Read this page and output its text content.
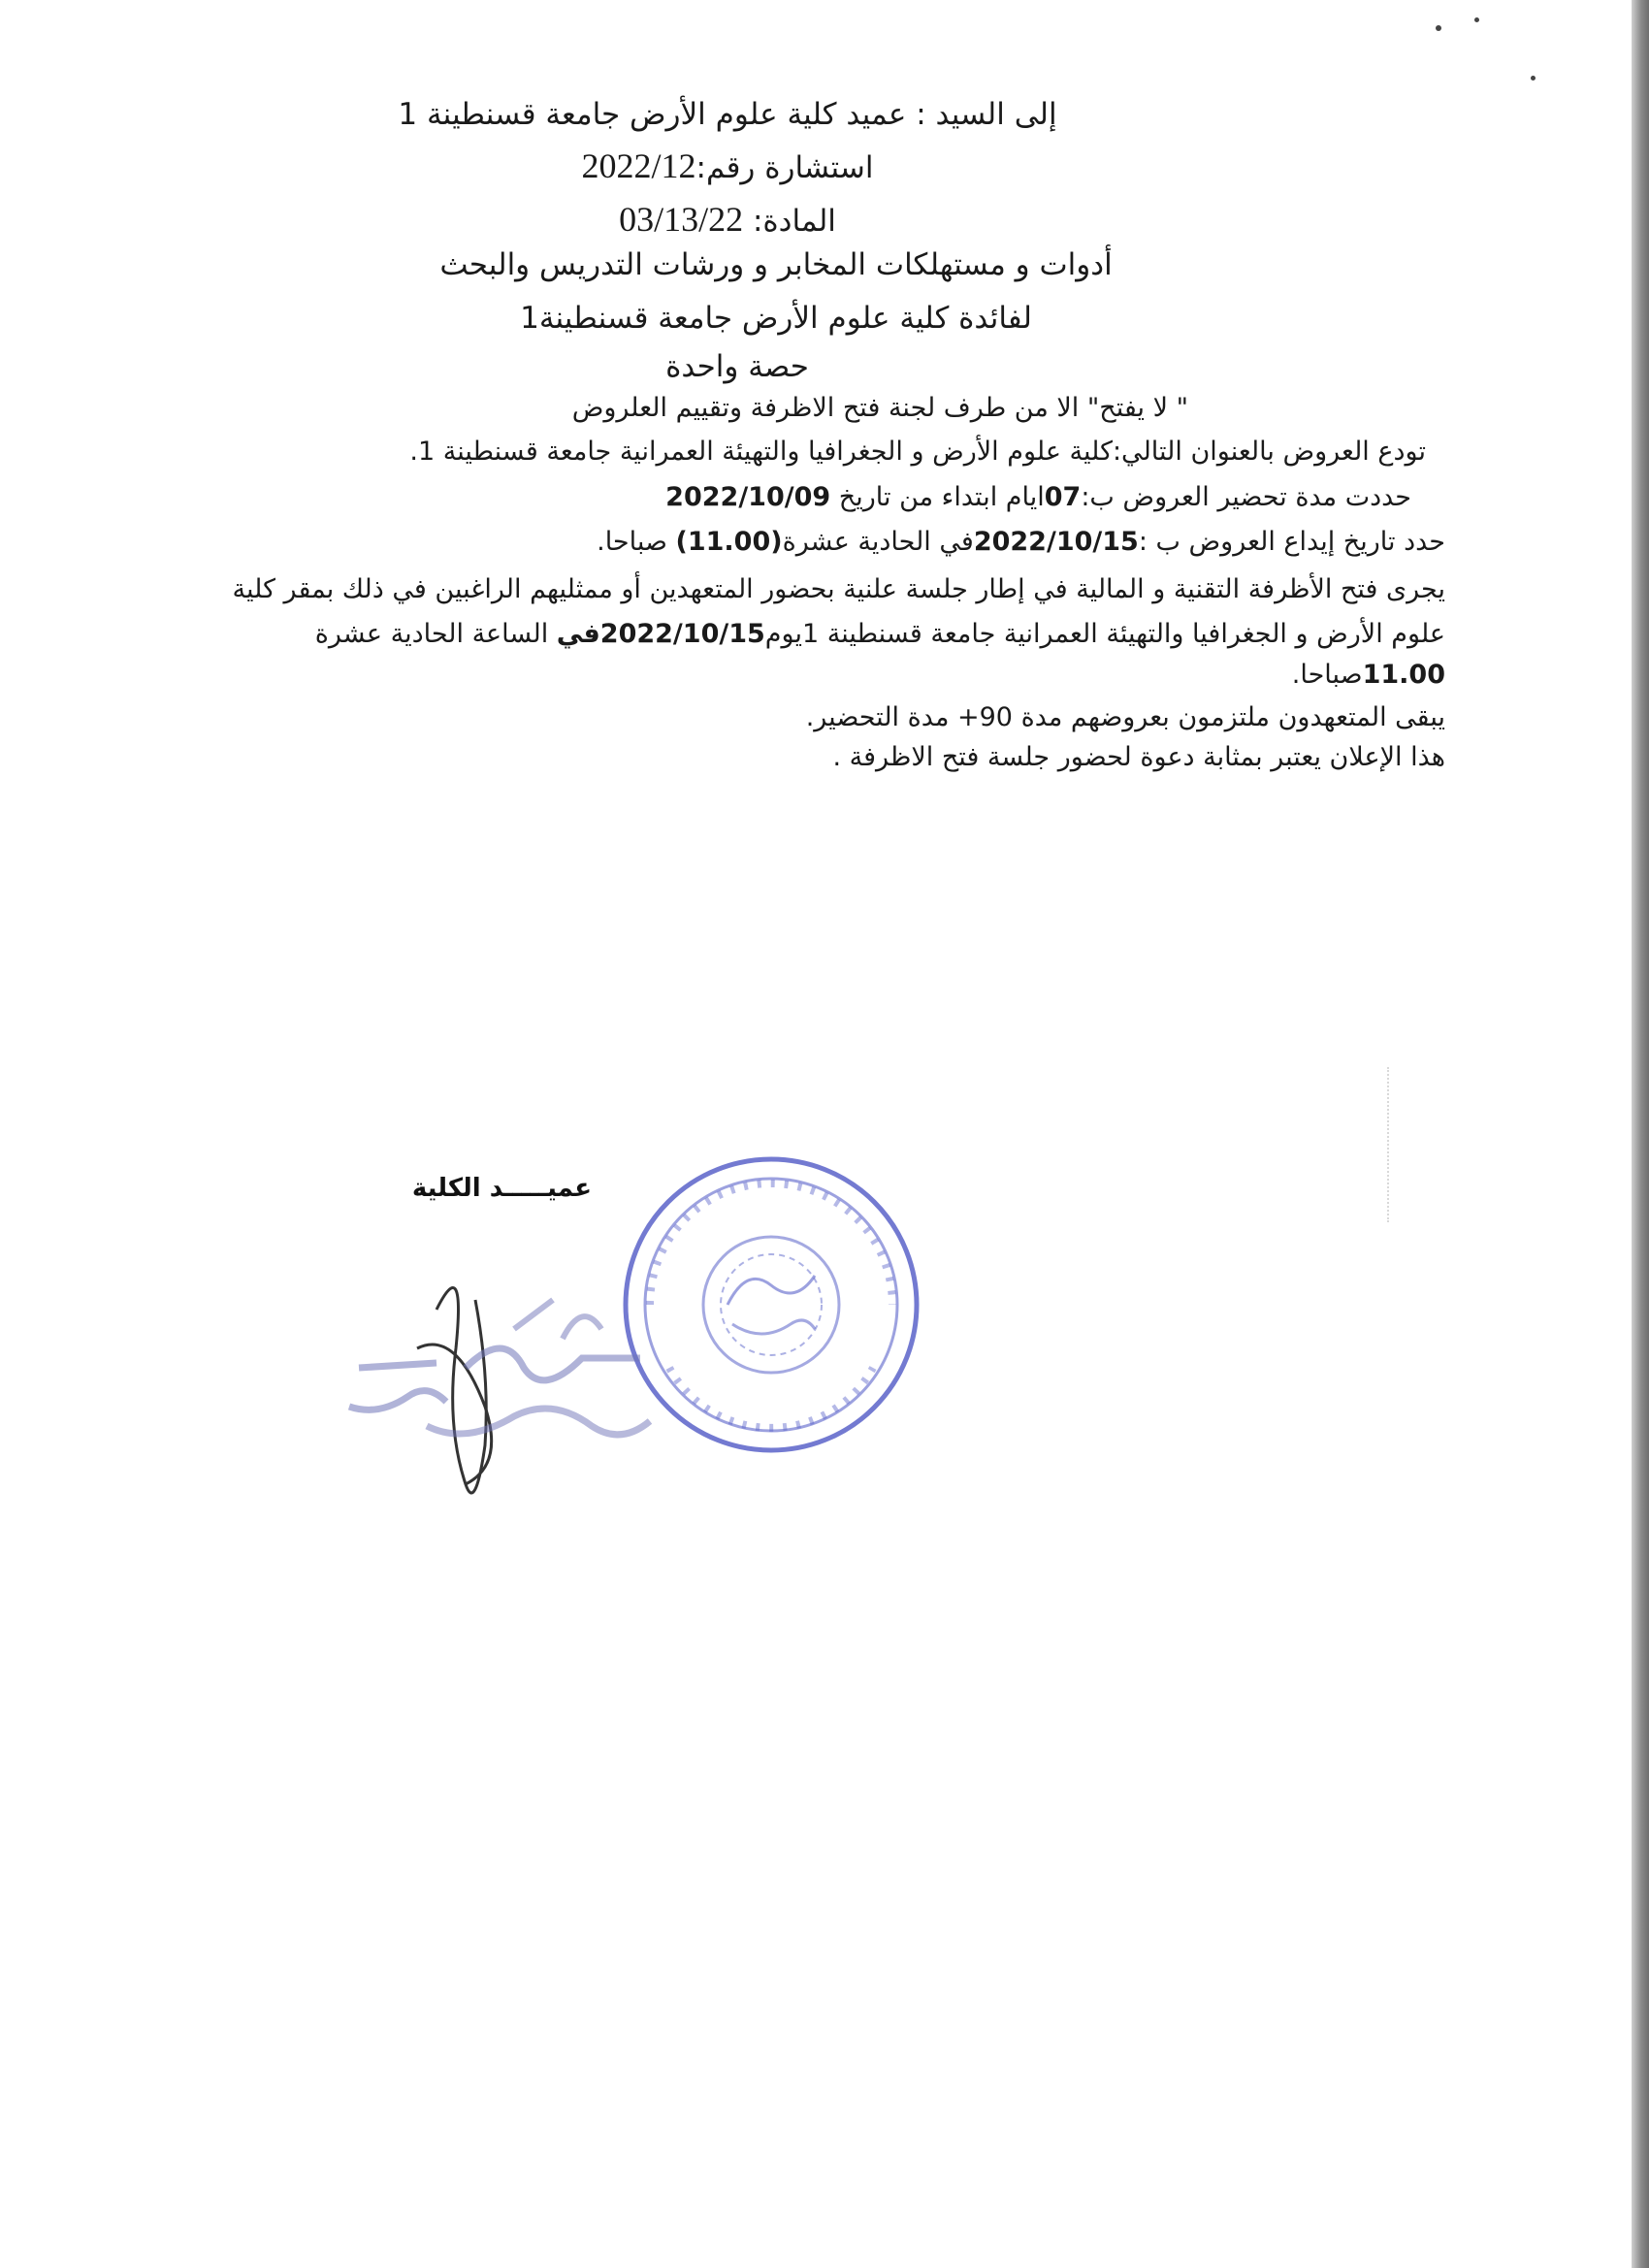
إلى السيد : عميد كلية علوم الأرض جامعة قسنطينة 1

استشارة رقم:2022/12

المادة: 03/13/22

أدوات و مستهلكات المخابر و ورشات التدريس والبحث

لفائدة كلية علوم الأرض جامعة قسنطينة1

حصة واحدة

" لا يفتح" الا من طرف لجنة فتح الاظرفة وتقييم العلروض

تودع العروض بالعنوان التالي:كلية علوم الأرض و الجغرافيا والتهيئة العمرانية جامعة قسنطينة 1.

حددت مدة تحضير العروض ب:07ايام ابتداء من تاريخ 2022/10/09

حدد تاريخ إيداع العروض ب :2022/10/15في الحادية عشرة(11.00) صباحا.

يجرى فتح الأظرفة التقنية و المالية في إطار جلسة علنية بحضور المتعهدين أو ممثليهم الراغبين في ذلك بمقر كلية

علوم الأرض و الجغرافيا والتهيئة العمرانية جامعة قسنطينة 1يوم2022/10/15في الساعة الحادية عشرة

11.00صباحا.

يبقى المتعهدون ملتزمون بعروضهم مدة 90+ مدة التحضير.

هذا الإعلان يعتبر بمثابة دعوة لحضور جلسة فتح الاظرفة .

عميـــــد الكلية
